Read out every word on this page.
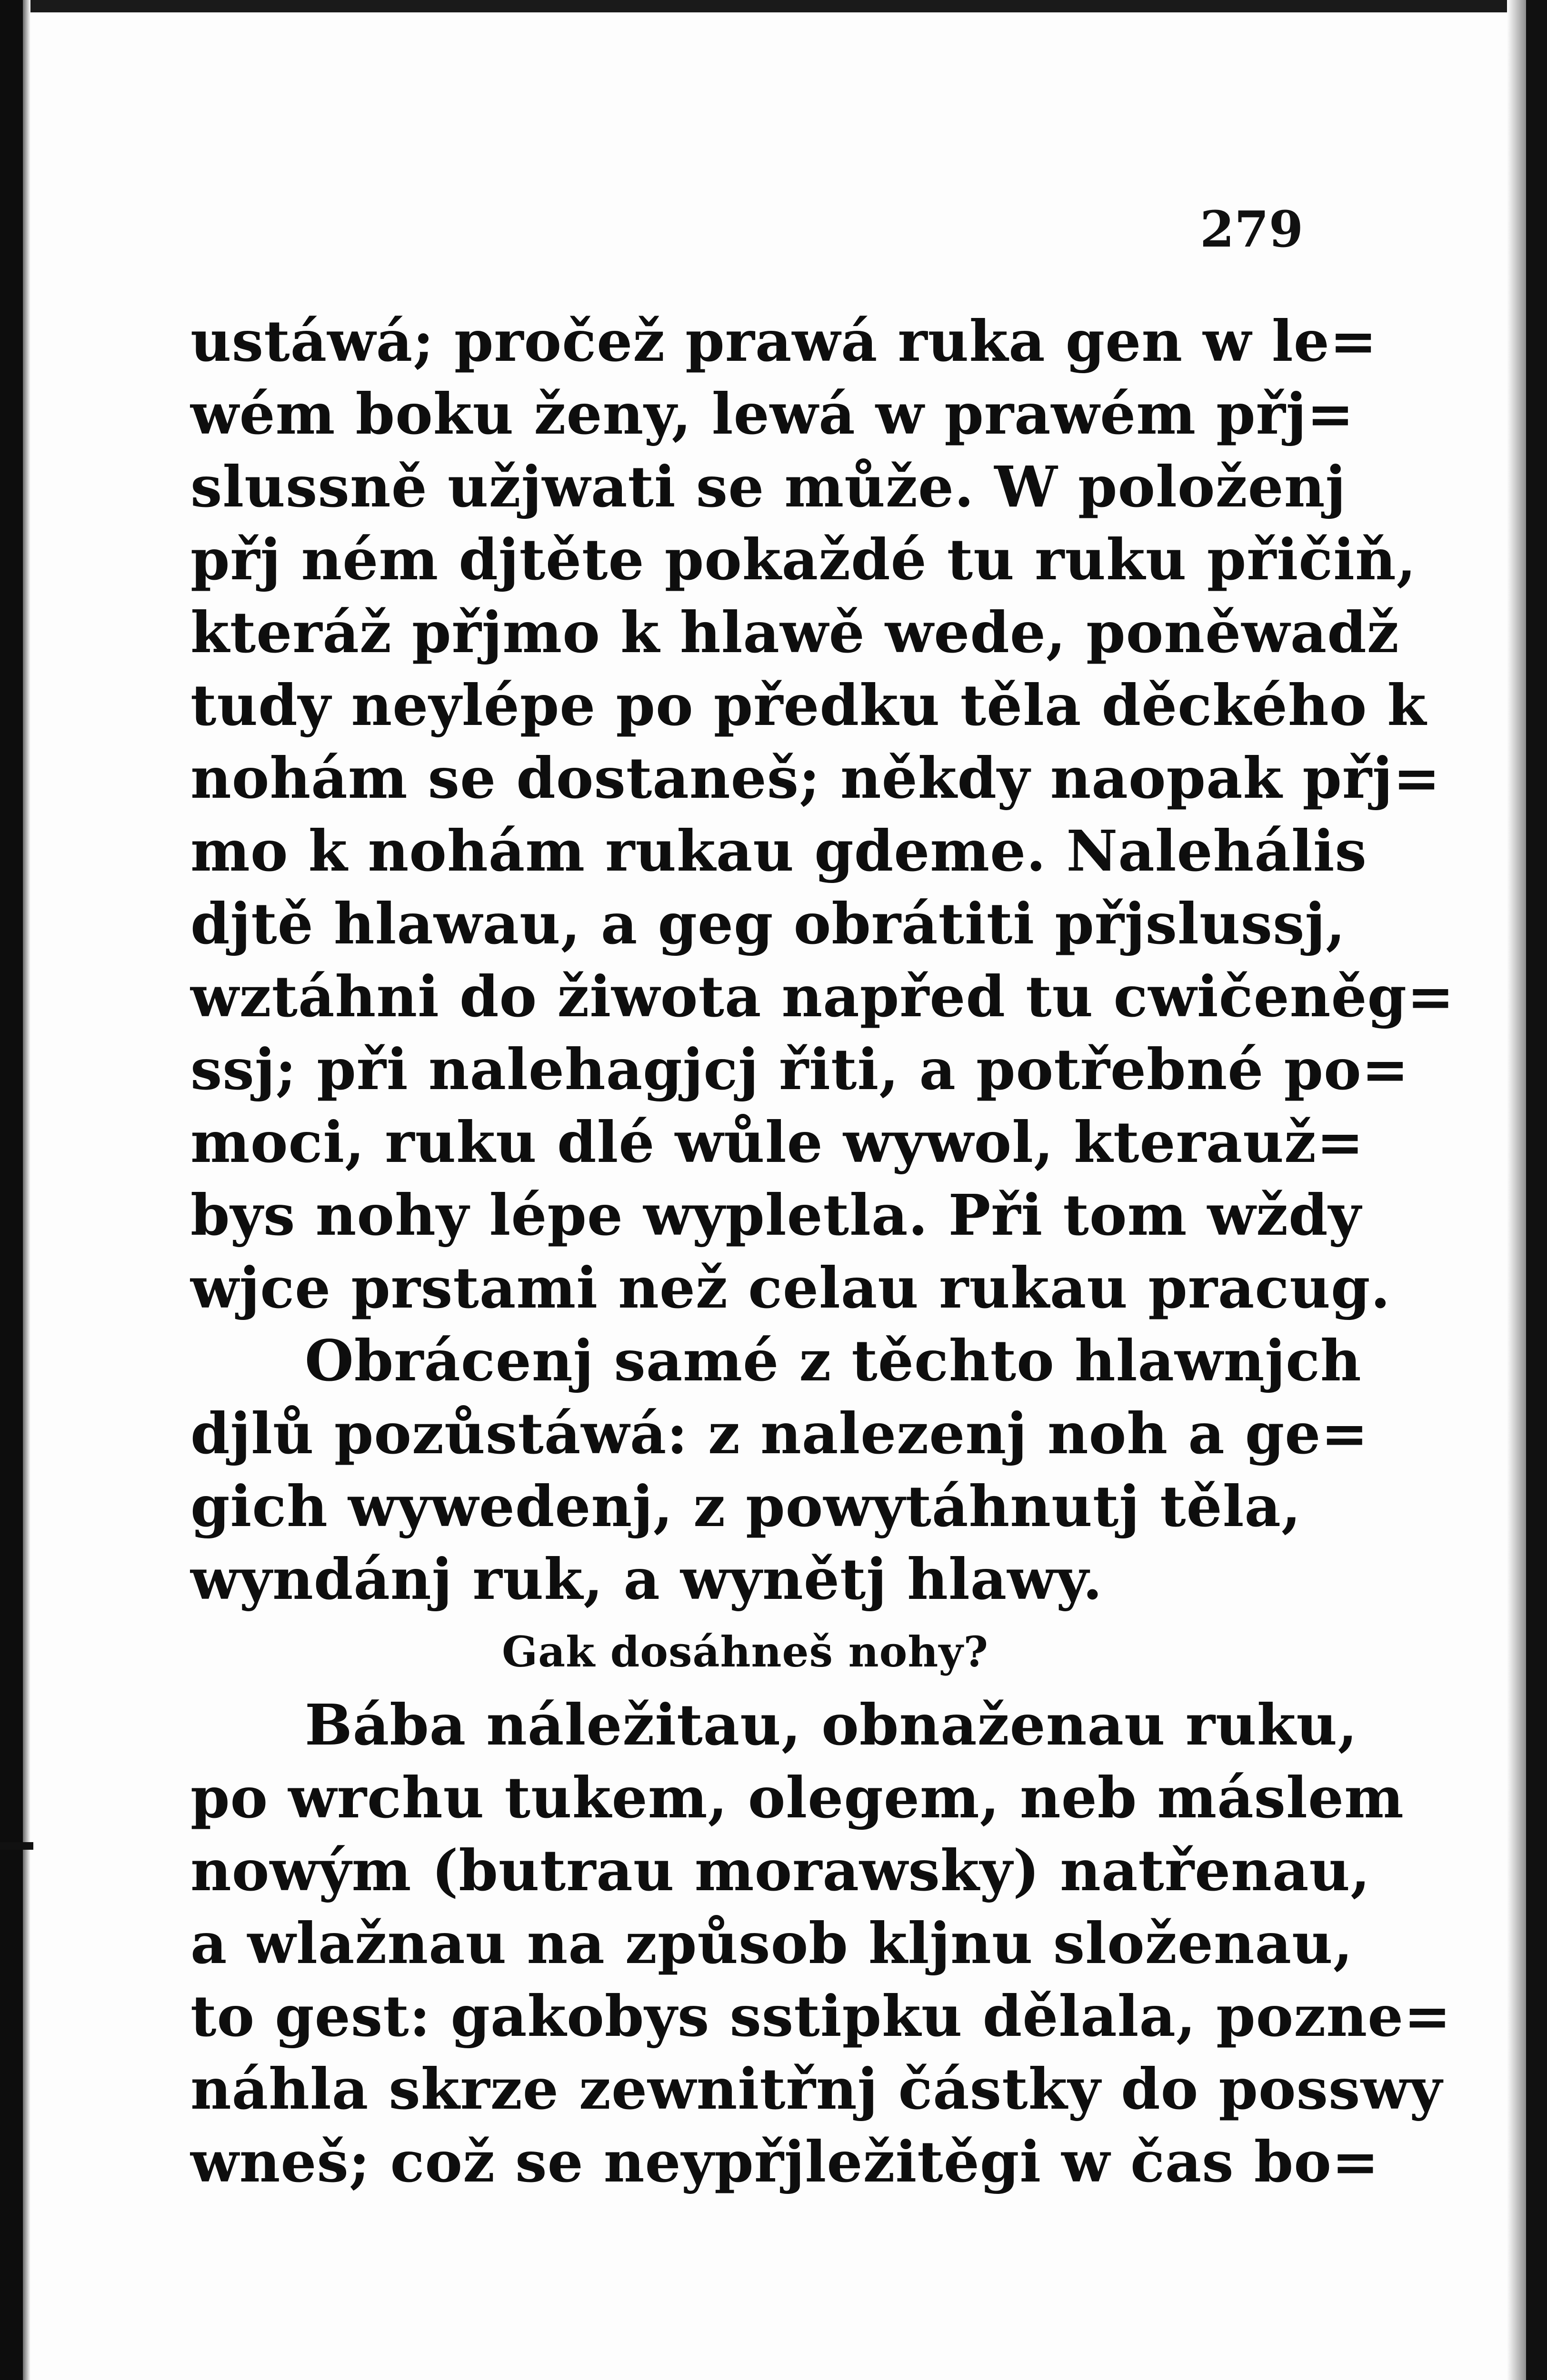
279
ustáwá; pročež prawá ruka gen w le=
wém boku ženy, lewá w prawém přj=
slussně užjwati se může. W položenj
přj ném djtěte pokaždé tu ruku přičiň,
kteráž přjmo k hlawě wede, poněwadž
tudy neylépe po předku těla děckého k
nohám se dostaneš; někdy naopak přj=
mo k nohám rukau gdeme. Nalehális
djtě hlawau, a geg obrátiti přjslussj,
wztáhni do žiwota napřed tu cwičeněg=
ssj; při nalehagjcj řiti, a potřebné po=
moci, ruku dlé wůle wywol, kterauž=
bys nohy lépe wypletla. Při tom wždy
wjce prstami než celau rukau pracug.
Obrácenj samé z těchto hlawnjch
djlů pozůstáwá: z nalezenj noh a ge=
gich wywedenj, z powytáhnutj těla,
wyndánj ruk, a wynětj hlawy.
Gak dosáhneš nohy?
Bába náležitau, obnaženau ruku,
po wrchu tukem, olegem, neb máslem
nowým (butrau morawsky) natřenau,
a wlažnau na způsob kljnu složenau,
to gest: gakobys sstipku dělala, pozne=
náhla skrze zewnitřnj částky do posswy
wneš; což se neypřjležitěgi w čas bo=
